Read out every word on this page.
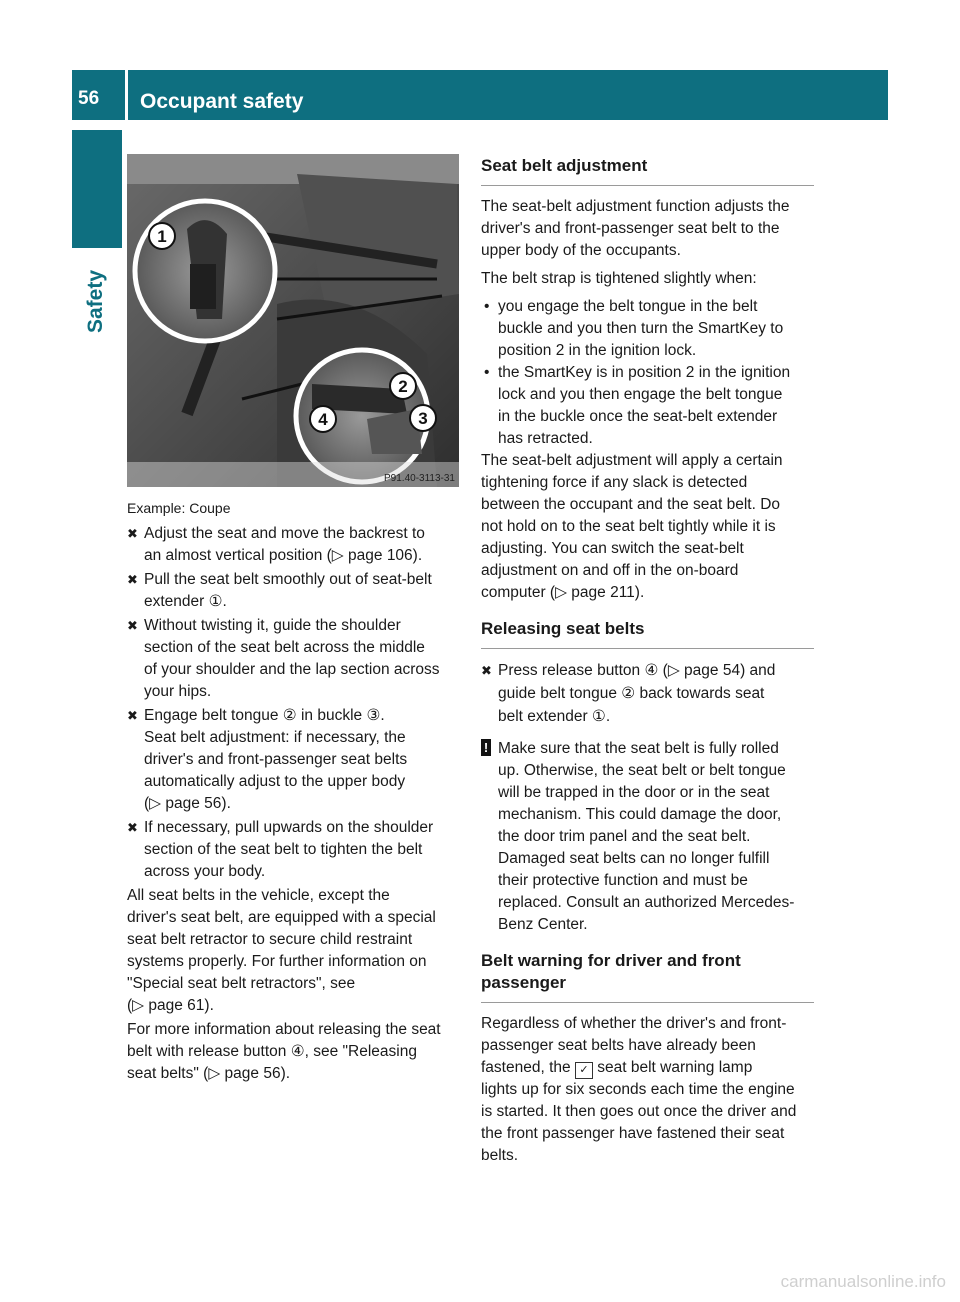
56 Occupant safety
Safety
1
2
3
4
P91.40-3113-31
Example: Coupe
✖ Adjust the seat and move the backrest to
an almost vertical position (▷ page 106).
✖ Pull the seat belt smoothly out of seat-belt
extender ①.
✖ Without twisting it, guide the shoulder
section of the seat belt across the middle
of your shoulder and the lap section across
your hips.
✖ Engage belt tongue ② in buckle ③.
Seat belt adjustment: if necessary, the
driver's and front-passenger seat belts
automatically adjust to the upper body
(▷ page 56).
✖ If necessary, pull upwards on the shoulder
section of the seat belt to tighten the belt
across your body.
All seat belts in the vehicle, except the
driver's seat belt, are equipped with a special
seat belt retractor to secure child restraint
systems properly. For further information on
"Special seat belt retractors", see
(▷ page 61).
For more information about releasing the seat
belt with release button ④, see "Releasing
seat belts" (▷ page 56).
Seat belt adjustment
The seat-belt adjustment function adjusts the
driver's and front-passenger seat belt to the
upper body of the occupants.
The belt strap is tightened slightly when:
• you engage the belt tongue in the belt
buckle and you then turn the SmartKey to
position 2 in the ignition lock.
• the SmartKey is in position 2 in the ignition
lock and you then engage the belt tongue
in the buckle once the seat-belt extender
has retracted.
The seat-belt adjustment will apply a certain
tightening force if any slack is detected
between the occupant and the seat belt. Do
not hold on to the seat belt tightly while it is
adjusting. You can switch the seat-belt
adjustment on and off in the on-board
computer (▷ page 211).
Releasing seat belts
✖ Press release button ④ (▷ page 54) and
guide belt tongue ② back towards seat
belt extender ①.
! Make sure that the seat belt is fully rolled
up. Otherwise, the seat belt or belt tongue
will be trapped in the door or in the seat
mechanism. This could damage the door,
the door trim panel and the seat belt.
Damaged seat belts can no longer fulfill
their protective function and must be
replaced. Consult an authorized Mercedes-
Benz Center.
Belt warning for driver and front
passenger
Regardless of whether the driver's and front-
passenger seat belts have already been
fastened, the ✓ seat belt warning lamp
lights up for six seconds each time the engine
is started. It then goes out once the driver and
the front passenger have fastened their seat
belts.
carmanualsonline.info
